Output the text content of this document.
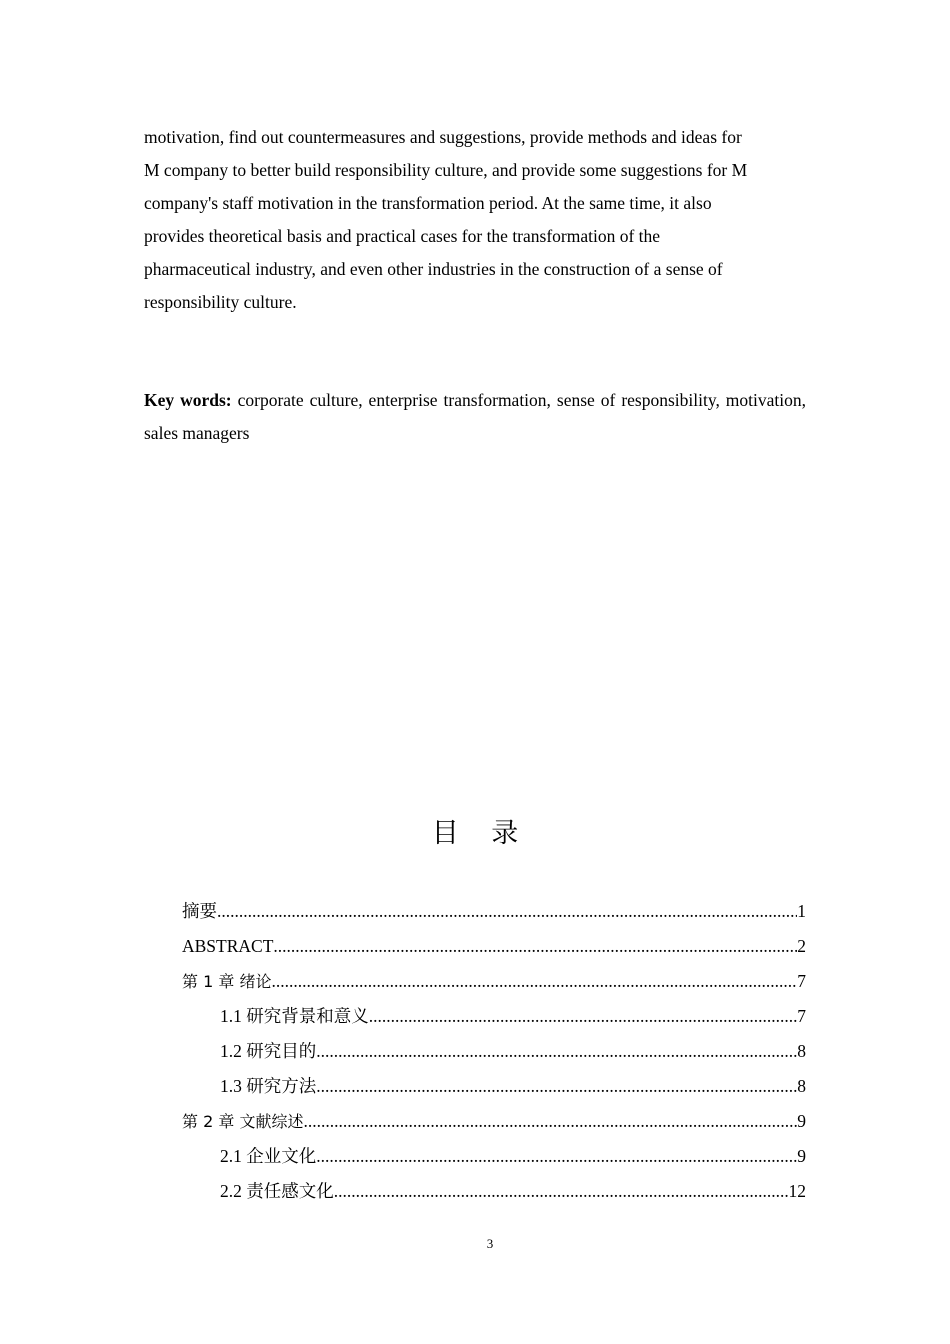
motivation, find out countermeasures and suggestions, provide methods and ideas for
M company to better build responsibility culture, and provide some suggestions for M
company's staff motivation in the transformation period. At the same time, it also
provides theoretical basis and practical cases for the transformation of the
pharmaceutical industry, and even other industries in the construction of a sense of
responsibility culture.
Key words: corporate culture, enterprise transformation, sense of responsibility, motivation, sales managers
目 录
摘要 .....	1
ABSTRACT .....	2
第 1 章 绪论 .....	7
1.1 研究背景和意义 .....	7
1.2 研究目的 .....	8
1.3 研究方法 .....	8
第 2 章 文献综述 .....	9
2.1 企业文化 .....	9
2.2 责任感文化 .....	12
3
